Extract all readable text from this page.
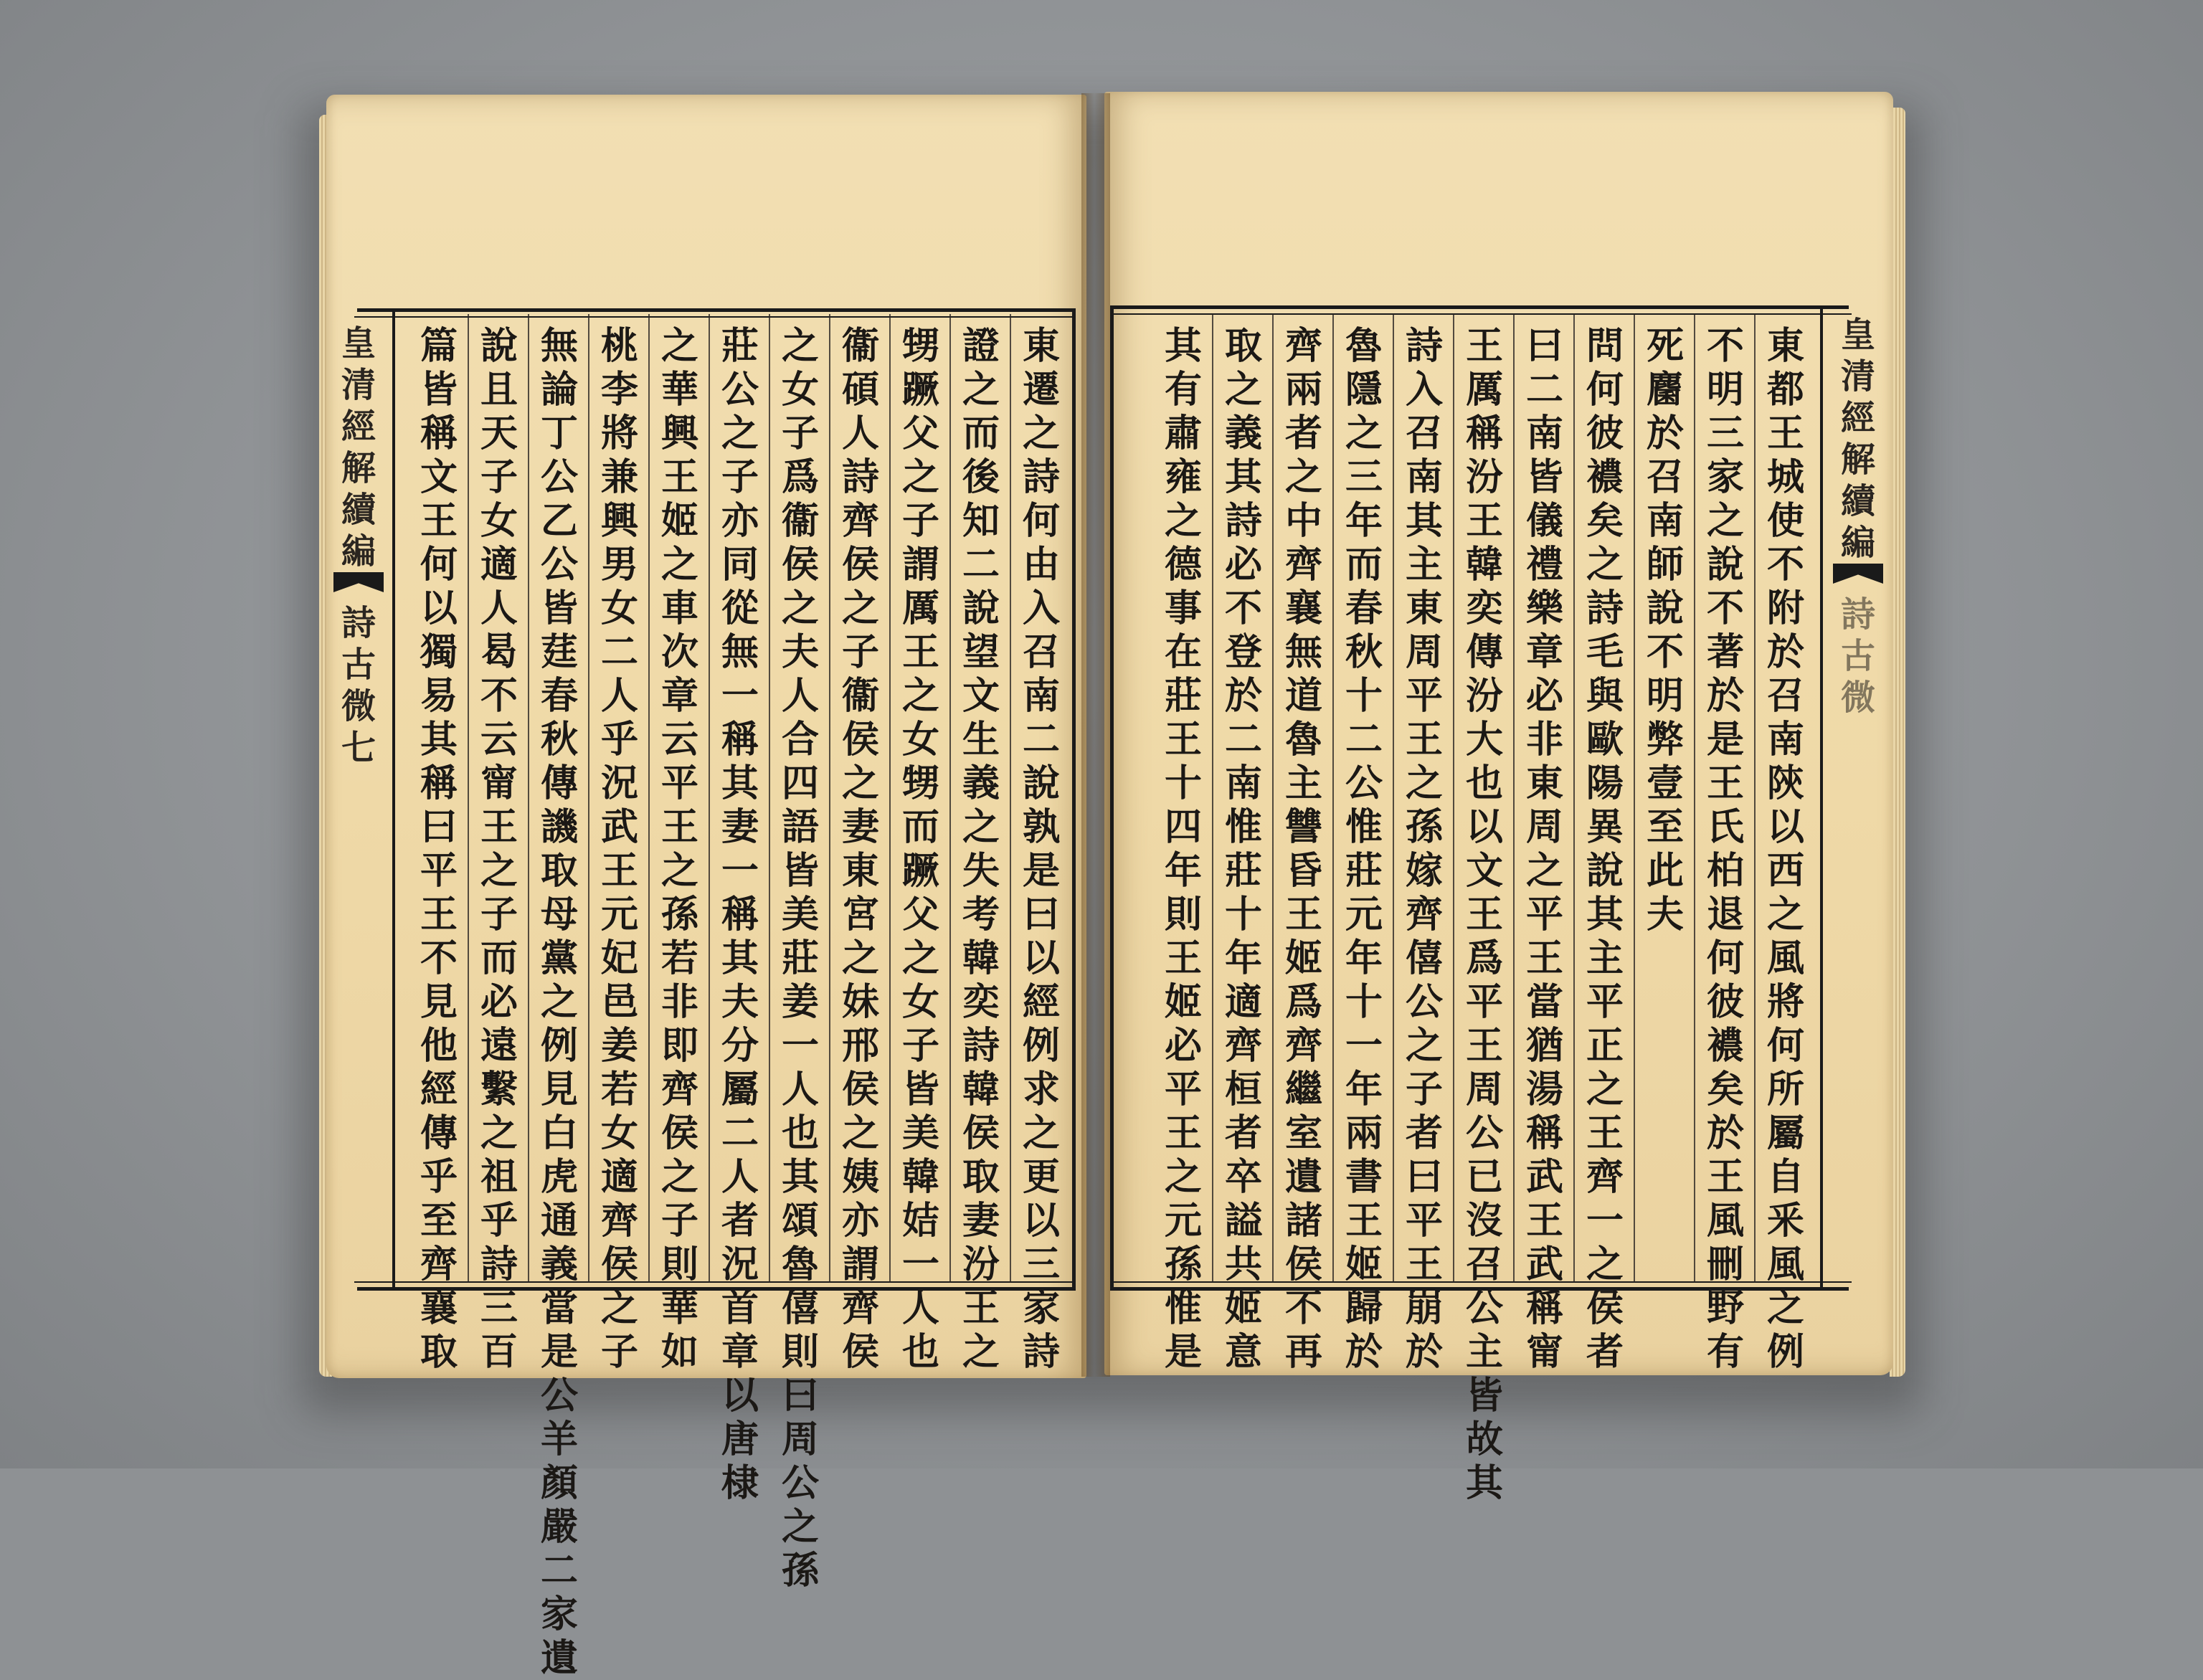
皇
清
經
解
續
編
詩
古
微
七
皇
清
經
解
續
編
詩
古
微
東
都
王
城
使
不
附
於
召
南
陝
以
西
之
風
將
何
所
屬
自
釆
風
之
例
不
明
三
家
之
說
不
著
於
是
王
氏
柏
退
何
彼
襛
矣
於
王
風
刪
野
有
死
麕
於
召
南
師
說
不
明
弊
壹
至
此
夫
問
何
彼
襛
矣
之
詩
毛
與
歐
陽
異
說
其
主
平
正
之
王
齊
一
之
侯
者
曰
二
南
皆
儀
禮
樂
章
必
非
東
周
之
平
王
當
猶
湯
稱
武
王
武
稱
甯
王
厲
稱
汾
王
韓
奕
傳
汾
大
也
以
文
王
爲
平
王
周
公
已
沒
召
公
主
皆
故
其
詩
入
召
南
其
主
東
周
平
王
之
孫
嫁
齊
僖
公
之
子
者
曰
平
王
崩
於
魯
隱
之
三
年
而
春
秋
十
二
公
惟
莊
元
年
十
一
年
兩
書
王
姬
歸
於
齊
兩
者
之
中
齊
襄
無
道
魯
主
讐
昏
王
姬
爲
齊
繼
室
遺
諸
侯
不
再
取
之
義
其
詩
必
不
登
於
二
南
惟
莊
十
年
適
齊
桓
者
卒
謚
共
姬
意
其
有
肅
雍
之
德
事
在
莊
王
十
四
年
則
王
姬
必
平
王
之
元
孫
惟
是
東
遷
之
詩
何
由
入
召
南
二
說
孰
是
曰
以
經
例
求
之
更
以
三
家
詩
證
之
而
後
知
二
說
望
文
生
義
之
失
考
韓
奕
詩
韓
侯
取
妻
汾
王
之
甥
蹶
父
之
子
謂
厲
王
之
女
甥
而
蹶
父
之
女
子
皆
美
韓
姞
一
人
也
衞
碩
人
詩
齊
侯
之
子
衞
侯
之
妻
東
宮
之
妹
邢
侯
之
姨
亦
謂
齊
侯
之
女
子
爲
衞
侯
之
夫
人
合
四
語
皆
美
莊
姜
一
人
也
其
頌
魯
僖
則
曰
周
公
之
孫
莊
公
之
子
亦
同
從
無
一
稱
其
妻
一
稱
其
夫
分
屬
二
人
者
況
首
章
以
唐
棣
之
華
興
王
姬
之
車
次
章
云
平
王
之
孫
若
非
即
齊
侯
之
子
則
華
如
桃
李
將
兼
興
男
女
二
人
乎
況
武
王
元
妃
邑
姜
若
女
適
齊
侯
之
子
無
論
丁
公
乙
公
皆
莛
春
秋
傳
譏
取
母
黨
之
例
見
白
虎
通
義
當
是
公
羊
顏
嚴
二
家
遺
說
且
天
子
女
適
人
曷
不
云
甯
王
之
子
而
必
遠
繫
之
祖
乎
詩
三
百
篇
皆
稱
文
王
何
以
獨
易
其
稱
曰
平
王
不
見
他
經
傳
乎
至
齊
襄
取
